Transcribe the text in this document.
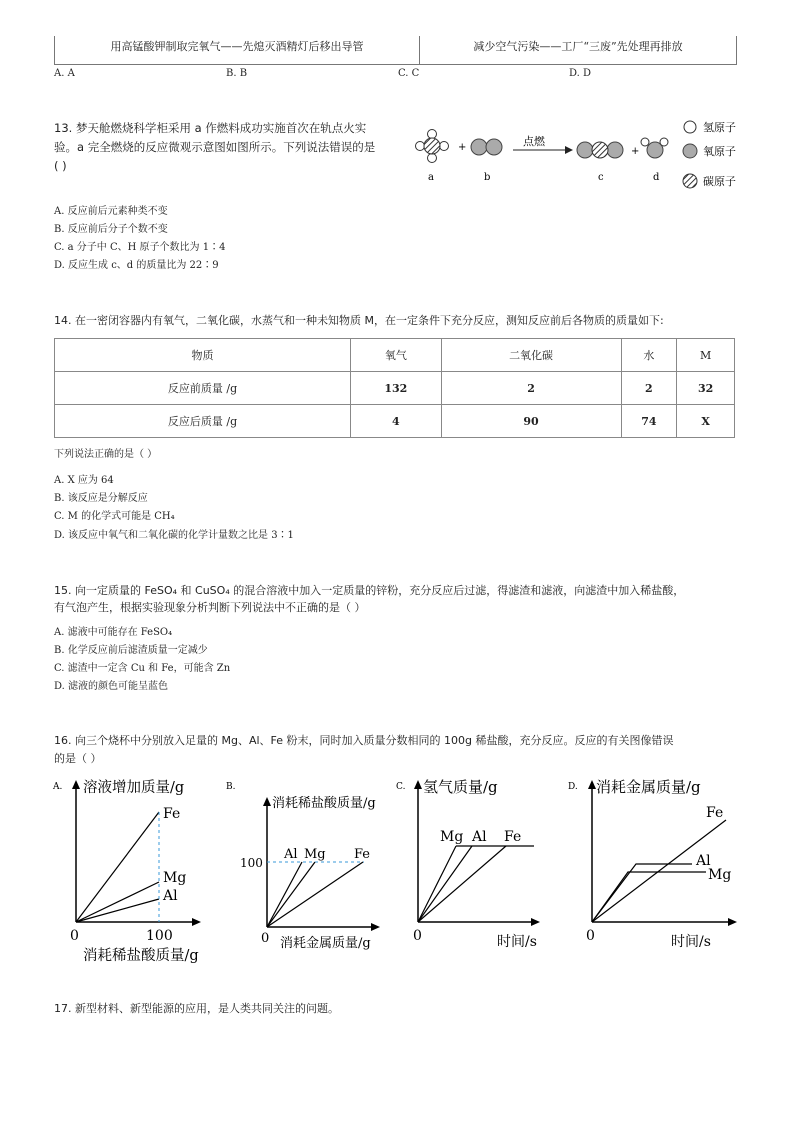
用高锰酸钾制取完氧气——先熄灭酒精灯后移出导管	减少空气污染——工厂“三废”先处理再排放
A. A	B. B	C. C	D. D
13. 梦天舱燃烧科学柜采用 a 作燃料成功实施首次在轨点火实
验。a 完全燃烧的反应微观示意图如图所示。下列说法错误的是
( )
+	点燃
+
a	b	c	d
氢原子
氧原子
碳原子
A. 反应前后元素种类不变
B. 反应前后分子个数不变
C. a 分子中 C、H 原子个数比为 1∶4
D. 反应生成 c、d 的质量比为 22∶9
14. 在一密闭容器内有氧气，二氧化碳，水蒸气和一种未知物质 M，在一定条件下充分反应，测知反应前后各物质的质量如下:
物质	氧气	二氧化碳	水	M
反应前质量 /g	132	2	2	32
反应后质量 /g	4	90	74	X
下列说法正确的是（ ）
A. X 应为 64
B. 该反应是分解反应
C. M 的化学式可能是 CH₄
D. 该反应中氧气和二氧化碳的化学计量数之比是 3∶1
15. 向一定质量的 FeSO₄ 和 CuSO₄ 的混合溶液中加入一定质量的锌粉，充分反应后过滤，得滤渣和滤液，向滤渣中加入稀盐酸，
有气泡产生，根据实验现象分析判断下列说法中不正确的是（ ）
A. 滤液中可能存在 FeSO₄
B. 化学反应前后滤渣质量一定减少
C. 滤渣中一定含 Cu 和 Fe，可能含 Zn
D. 滤液的颜色可能呈蓝色
16. 向三个烧杯中分别放入足量的 Mg、Al、Fe 粉末，同时加入质量分数相同的 100g 稀盐酸，充分反应。反应的有关图像错误
的是（ ）
A. 溶液增加质量/g
Fe
Mg
Al
0	100
消耗稀盐酸质量/g
B.
消耗稀盐酸质量/g
Al Mg Fe
100
0 消耗金属质量/g
C. 氢气质量/g
Mg Al Fe
0	时间/s
D. 消耗金属质量/g
Fe
Al
Mg
0	时间/s
17. 新型材料、新型能源的应用，是人类共同关注的问题。
